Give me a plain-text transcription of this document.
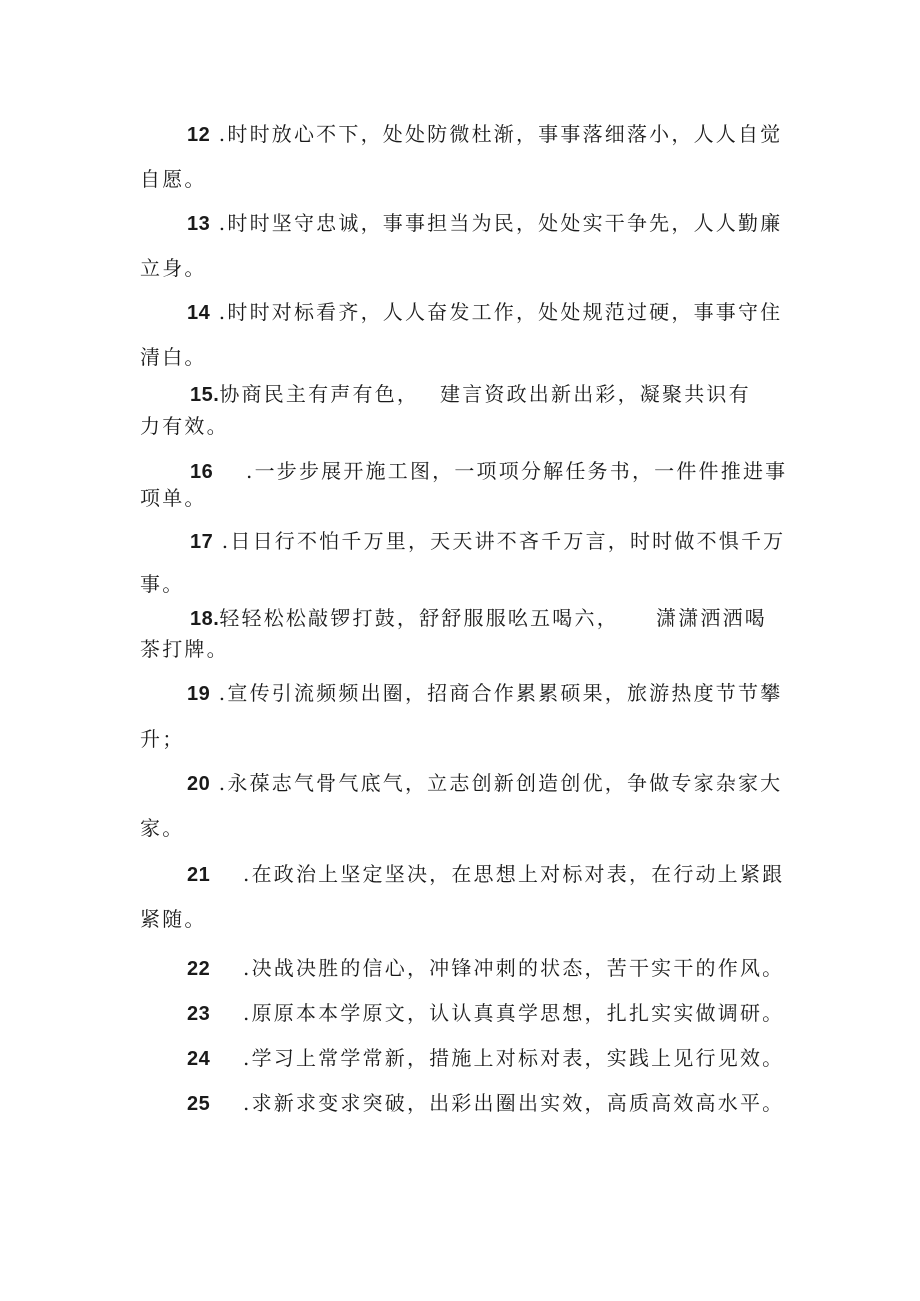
12 .时时放心不下，处处防微杜渐，事事落细落小，人人自觉
自愿。
13 .时时坚守忠诚，事事担当为民，处处实干争先，人人勤廉
立身。
14 .时时对标看齐，人人奋发工作，处处规范过硬，事事守住
清白。
15.协商民主有声有色， 建言资政出新出彩，凝聚共识有
力有效。
16 .一步步展开施工图，一项项分解任务书，一件件推进事
项单。
17 .日日行不怕千万里，天天讲不吝千万言，时时做不惧千万
事。
18.轻轻松松敲锣打鼓，舒舒服服吆五喝六， 潇潇洒洒喝
茶打牌。
19 .宣传引流频频出圈，招商合作累累硕果，旅游热度节节攀
升；
20 .永葆志气骨气底气，立志创新创造创优，争做专家杂家大
家。
21 .在政治上坚定坚决，在思想上对标对表，在行动上紧跟
紧随。
22 .决战决胜的信心，冲锋冲刺的状态，苦干实干的作风。
23 .原原本本学原文，认认真真学思想，扎扎实实做调研。
24 .学习上常学常新，措施上对标对表，实践上见行见效。
25 .求新求变求突破，出彩出圈出实效，高质高效高水平。
